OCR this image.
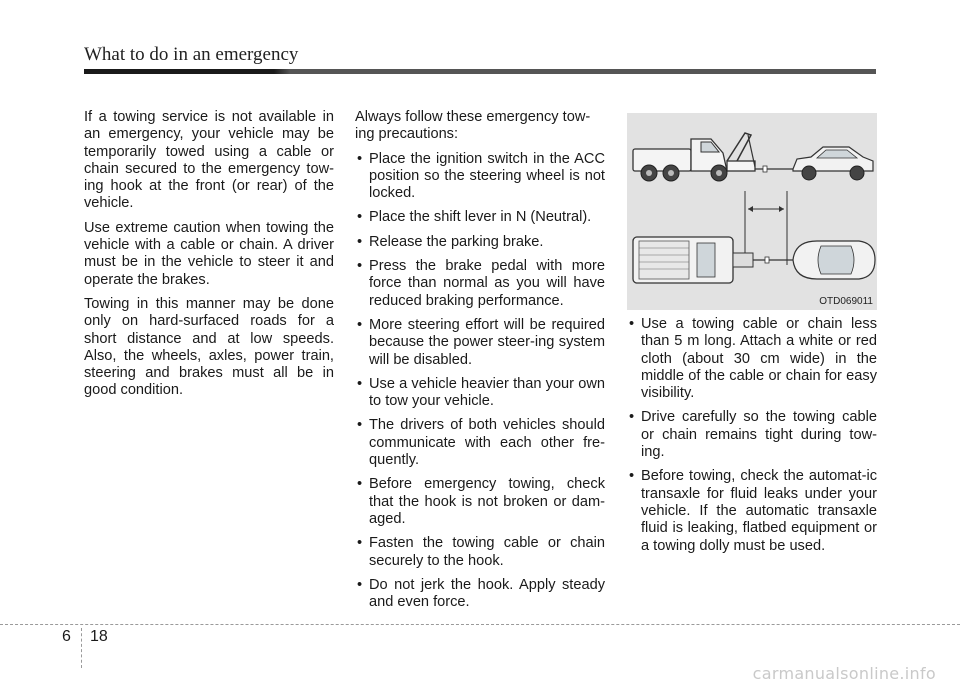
What to do in an emergency

If a towing service is not available in an emergency, your vehicle may be temporarily towed using a cable or chain secured to the emergency tow-ing hook at the front (or rear) of the vehicle.

Use extreme caution when towing the vehicle with a cable or chain. A driver must be in the vehicle to steer it and operate the brakes.

Towing in this manner may be done only on hard-surfaced roads for a short distance and at low speeds. Also, the wheels, axles, power train, steering and brakes must all be in good condition.

Always follow these emergency tow-ing precautions:

• Place the ignition switch in the ACC position so the steering wheel is not locked.
• Place the shift lever in N (Neutral).
• Release the parking brake.
• Press the brake pedal with more force than normal as you will have reduced braking performance.
• More steering effort will be required because the power steer-ing system will be disabled.
• Use a vehicle heavier than your own to tow your vehicle.
• The drivers of both vehicles should communicate with each other fre-quently.
• Before emergency towing, check that the hook is not broken or dam-aged.
• Fasten the towing cable or chain securely to the hook.
• Do not jerk the hook. Apply steady and even force.
OTD069011
• Use a towing cable or chain less than 5 m long. Attach a white or red cloth (about 30 cm wide) in the middle of the cable or chain for easy visibility.
• Drive carefully so the towing cable or chain remains tight during tow-ing.
• Before towing, check the automat-ic transaxle for fluid leaks under your vehicle. If the automatic transaxle fluid is leaking, flatbed equipment or a towing dolly must be used.
6 18
carmanualsonline.info
